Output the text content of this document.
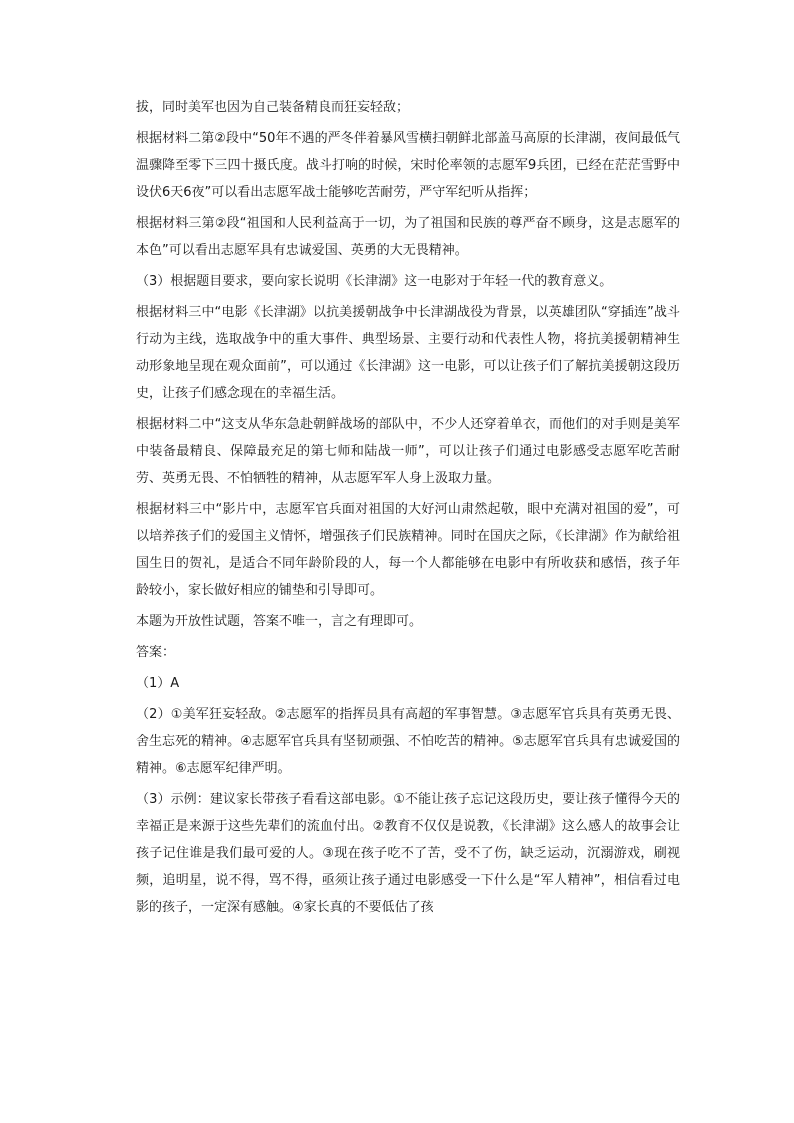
拔，同时美军也因为自己装备精良而狂妄轻敌；

根据材料二第②段中“50年不遇的严冬伴着暴风雪横扫朝鲜北部盖马高原的长津湖，夜间最低气温骤降至零下三四十摄氏度。战斗打响的时候，宋时伦率领的志愿军9兵团，已经在茫茫雪野中设伏6天6夜”可以看出志愿军战士能够吃苦耐劳，严守军纪听从指挥；

根据材料三第②段“祖国和人民利益高于一切，为了祖国和民族的尊严奋不顾身，这是志愿军的本色”可以看出志愿军具有忠诚爱国、英勇的大无畏精神。

（3）根据题目要求，要向家长说明《长津湖》这一电影对于年轻一代的教育意义。

根据材料三中“电影《长津湖》以抗美援朝战争中长津湖战役为背景，以英雄团队“穿插连”战斗行动为主线，选取战争中的重大事件、典型场景、主要行动和代表性人物，将抗美援朝精神生动形象地呈现在观众面前”，可以通过《长津湖》这一电影，可以让孩子们了解抗美援朝这段历史，让孩子们感念现在的幸福生活。

根据材料二中“这支从华东急赴朝鲜战场的部队中，不少人还穿着单衣，而他们的对手则是美军中装备最精良、保障最充足的第七师和陆战一师”，可以让孩子们通过电影感受志愿军吃苦耐劳、英勇无畏、不怕牺牲的精神，从志愿军军人身上汲取力量。

根据材料三中“影片中，志愿军官兵面对祖国的大好河山肃然起敬，眼中充满对祖国的爱”，可以培养孩子们的爱国主义情怀，增强孩子们民族精神。同时在国庆之际，《长津湖》作为献给祖国生日的贺礼，是适合不同年龄阶段的人，每一个人都能够在电影中有所收获和感悟，孩子年龄较小，家长做好相应的铺垫和引导即可。

本题为开放性试题，答案不唯一，言之有理即可。

答案：

（1）A

（2）①美军狂妄轻敌。②志愿军的指挥员具有高超的军事智慧。③志愿军官兵具有英勇无畏、舍生忘死的精神。④志愿军官兵具有坚韧顽强、不怕吃苦的精神。⑤志愿军官兵具有忠诚爱国的精神。⑥志愿军纪律严明。

（3）示例：建议家长带孩子看看这部电影。①不能让孩子忘记这段历史，要让孩子懂得今天的幸福正是来源于这些先辈们的流血付出。②教育不仅仅是说教，《长津湖》这么感人的故事会让孩子记住谁是我们最可爱的人。③现在孩子吃不了苦，受不了伤，缺乏运动，沉溺游戏，刷视频，追明星，说不得，骂不得，亟须让孩子通过电影感受一下什么是“军人精神”，相信看过电影的孩子，一定深有感触。④家长真的不要低估了孩
